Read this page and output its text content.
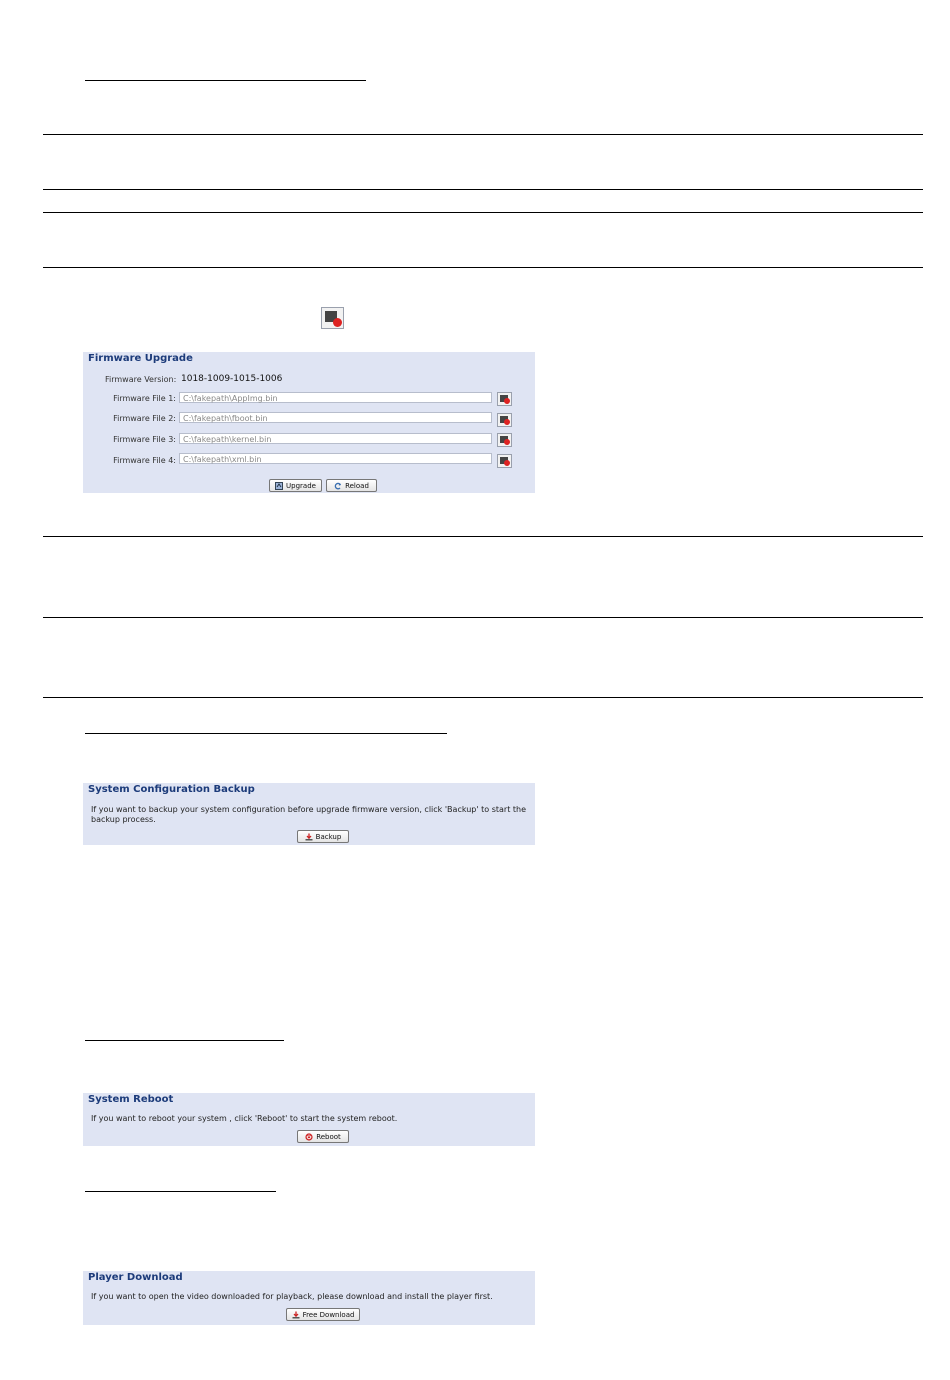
Firmware Upgrade
Firmware Version: 1018-1009-1015-1006
Firmware File 1: C:\fakepath\AppImg.bin
Firmware File 2: C:\fakepath\fboot.bin
Firmware File 3: C:\fakepath\kernel.bin
Firmware File 4: C:\fakepath\xml.bin
Upgrade	Reload
System Configuration Backup
If you want to backup your system configuration before upgrade firmware version, click 'Backup' to start the backup process.
Backup
System Reboot
If you want to reboot your system , click 'Reboot' to start the system reboot.
Reboot
Player Download
If you want to open the video downloaded for playback, please download and install the player first.
Free Download
